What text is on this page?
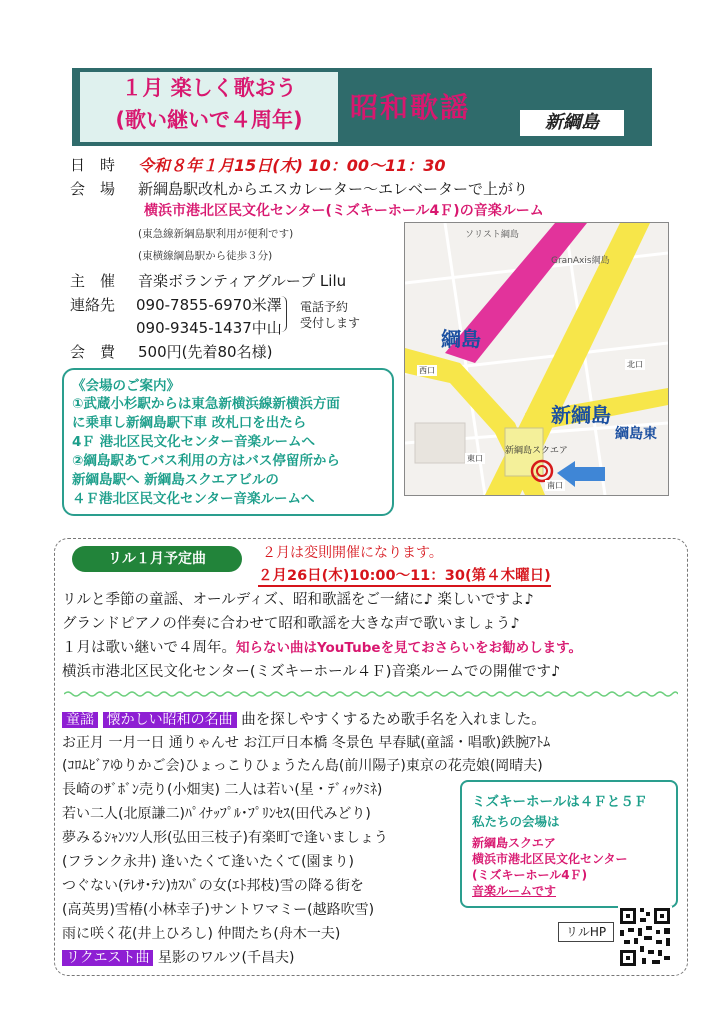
１月 楽しく歌おう
(歌い継いで４周年)	昭和歌謡	新綱島
日　時 令和８年１月15日(木) 10：00～11：30
会　場 新綱島駅改札からエスカレーター～エレベーターで上がり
横浜市港北区民文化センター(ミズキーホール4Ｆ)の音楽ルーム
(東急線新綱島駅利用が便利です)
(東横線綱島駅から徒歩３分)
主　催 音楽ボランティアグループ Lilu
連絡先 090-7855-6970米澤
090-9345-1437中山
電話予約
受付します
会　費 500円(先着80名様)
綱島
新綱島
綱島東
ソリスト綱島
GranAxis綱島
新綱島スクエア
西口
北口
南口
東口
《会場のご案内》
①武蔵小杉駅からは東急新横浜線新横浜方面
に乗車し新綱島駅下車 改札口を出たら
4Ｆ 港北区民文化センター音楽ルームへ
②綱島駅あてバス利用の方はバス停留所から
新綱島駅へ 新綱島スクエアビルの
４Ｆ港北区民文化センター音楽ルームへ
リル１月予定曲	２月は変則開催になります。
２月26日(木)10:00～11：30(第４木曜日)
リルと季節の童謡、オールディズ、昭和歌謡をご一緒に♪ 楽しいですよ♪
グランドピアノの伴奏に合わせて昭和歌謡を大きな声で歌いましょう♪
１月は歌い継いで４周年。知らない曲はYouTubeを見ておさらいをお勧めします。
横浜市港北区民文化センター(ミズキーホール４Ｆ)音楽ルームでの開催です♪
童謡 懐かしい昭和の名曲 曲を探しやすくするため歌手名を入れました。
お正月 一月一日 通りゃんせ お江戸日本橋 冬景色 早春賦(童謡・唱歌)鉄腕ｱﾄﾑ
(ｺﾛﾑﾋﾞｱゆりかご会)ひょっこりひょうたん島(前川陽子)東京の花売娘(岡晴夫)
長崎のｻﾞﾎﾞﾝ売り(小畑実) 二人は若い(星・ﾃﾞｨｯｸﾐﾈ)
若い二人(北原謙二)ﾊﾟｲﾅｯﾌﾟﾙ･ﾌﾟﾘﾝｾｽ(田代みどり)
夢みるｼｬﾝｿﾝ人形(弘田三枝子)有楽町で逢いましょう
(フランク永井) 逢いたくて逢いたくて(園まり)
つぐない(ﾃﾚｻ･ﾃﾝ)ｶｽﾊﾞの女(ｴﾄ邦枝)雪の降る街を
(高英男)雪椿(小林幸子)サントワマミー(越路吹雪)
雨に咲く花(井上ひろし) 仲間たち(舟木一夫)
リクエスト曲 星影のワルツ(千昌夫)
ミズキーホールは４Ｆと５Ｆ
私たちの会場は
新綱島スクエア
横浜市港北区民文化センター
(ミズキーホール4Ｆ)
音楽ルームです
リルHP
